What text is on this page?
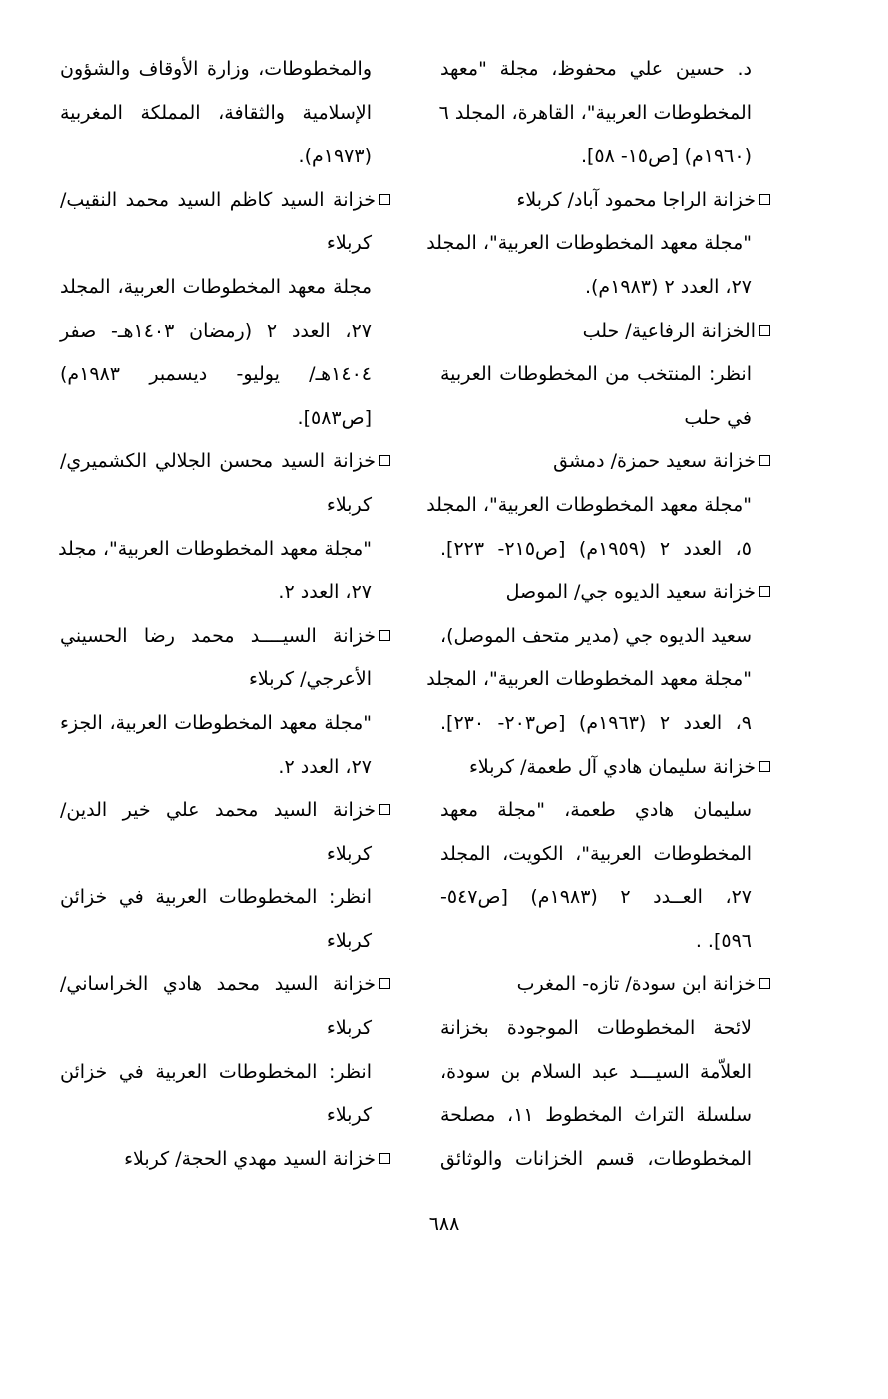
د. حسين علي محفوظ، مجلة "معهد
المخطوطات العربية"، القاهرة، المجلد ٦
(١٩٦٠م) [ص١٥- ٥٨].
خزانة الراجا محمود آباد/ كربلاء
"مجلة معهد المخطوطات العربية"، المجلد
٢٧، العدد ٢ (١٩٨٣م).
الخزانة الرفاعية/ حلب
انظر: المنتخب من المخطوطات العربية
في حلب
خزانة سعيد حمزة/ دمشق
"مجلة معهد المخطوطات العربية"، المجلد
٥، العدد ٢ (١٩٥٩م) [ص٢١٥- ٢٢٣].
خزانة سعيد الديوه جي/ الموصل
سعيد الديوه جي (مدير متحف الموصل)،
"مجلة معهد المخطوطات العربية"، المجلد
٩، العدد ٢ (١٩٦٣م) [ص٢٠٣- ٢٣٠].
خزانة سليمان هادي آل طعمة/ كربلاء
سليمان هادي طعمة، "مجلة معهد
المخطوطات العربية"، الكويت، المجلد
٢٧، العــدد ٢ (١٩٨٣م) [ص٥٤٧-
٥٩٦]. .
خزانة ابن سودة/ تازه- المغرب
لائحة المخطوطات الموجودة بخزانة
العلاّمة السيـــد عبد السلام بن سودة،
سلسلة التراث المخطوط ١١، مصلحة
المخطوطات، قسم الخزانات والوثائق
والمخطوطات، وزارة الأوقاف والشؤون
الإسلامية والثقافة، المملكة المغربية
(١٩٧٣م).
خزانة السيد كاظم السيد محمد النقيب/
كربلاء
مجلة معهد المخطوطات العربية، المجلد
٢٧، العدد ٢ (رمضان ١٤٠٣هـ- صفر
١٤٠٤هـ/ يوليو- ديسمبر ١٩٨٣م)
[ص٥٨٣].
خزانة السيد محسن الجلالي الكشميري/
كربلاء
"مجلة معهد المخطوطات العربية"، مجلد
٢٧، العدد ٢.
خزانة السيــــد محمد رضا الحسيني
الأعرجي/ كربلاء
"مجلة معهد المخطوطات العربية، الجزء
٢٧، العدد ٢.
خزانة السيد محمد علي خير الدين/
كربلاء
انظر: المخطوطات العربية في خزائن
كربلاء
خزانة السيد محمد هادي الخراساني/
كربلاء
انظر: المخطوطات العربية في خزائن
كربلاء
خزانة السيد مهدي الحجة/ كربلاء
٦٨٨
